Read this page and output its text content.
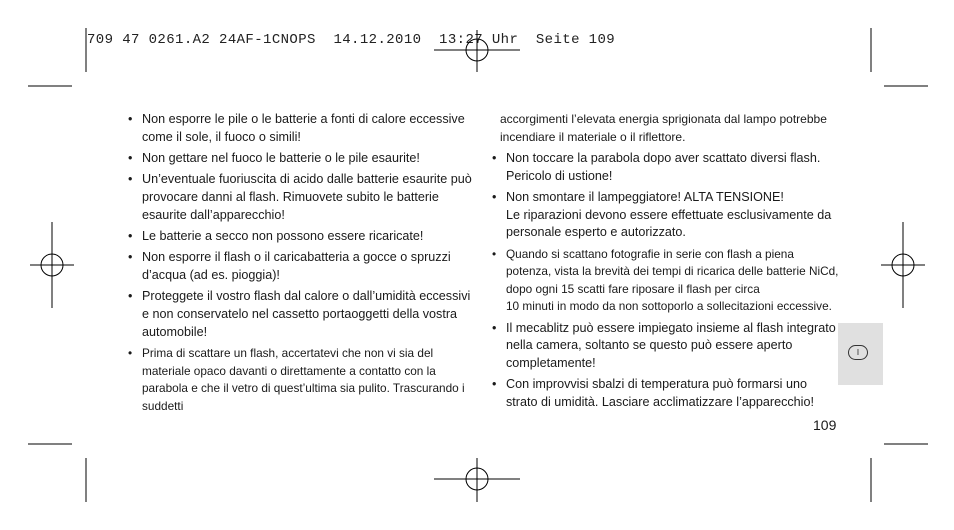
709 47 0261.A2 24AF-1CNOPS  14.12.2010  13:27 Uhr  Seite 109
• Non esporre le pile o le batterie a fonti di calore eccessive come il sole, il fuoco o simili!
• Non gettare nel fuoco le batterie o le pile esaurite!
• Un’eventuale fuoriuscita di acido dalle batterie esaurite può provocare danni al flash. Rimuovete subito le batterie esaurite dall’apparecchio!
• Le batterie a secco non possono essere ricaricate!
• Non esporre il flash o il caricabatteria a gocce o spruzzi d’acqua (ad es. pioggia)!
• Proteggete il vostro flash dal calore o dall’umidità eccessivi e non conservatelo nel cassetto portaoggetti della vostra automobile!
• Prima di scattare un flash, accertatevi che non vi sia del materiale opaco davanti o direttamente a contatto con la parabola e che il vetro di quest’ultima sia pulito. Trascurando i suddetti
accorgimenti l’elevata energia sprigionata dal lampo potrebbe incendiare il materiale o il riflettore.
• Non toccare la parabola dopo aver scattato diversi flash. Pericolo di ustione!
• Non smontare il lampeggiatore! ALTA TENSIONE!
Le riparazioni devono essere effettuate esclusivamente da personale esperto e autorizzato.
• Quando si scattano fotografie in serie con flash a piena potenza, vista la brevità dei tempi di ricarica delle batterie NiCd, dopo ogni 15 scatti fare riposare il flash per circa
10 minuti in modo da non sottoporlo a sollecitazioni eccessive.
• Il mecablitz può essere impiegato insieme al flash integrato nella camera, soltanto se questo può essere aperto completamente!
• Con improvvisi sbalzi di temperatura può formarsi uno strato di umidità. Lasciare acclimatizzare l’apparecchio!
I
109
